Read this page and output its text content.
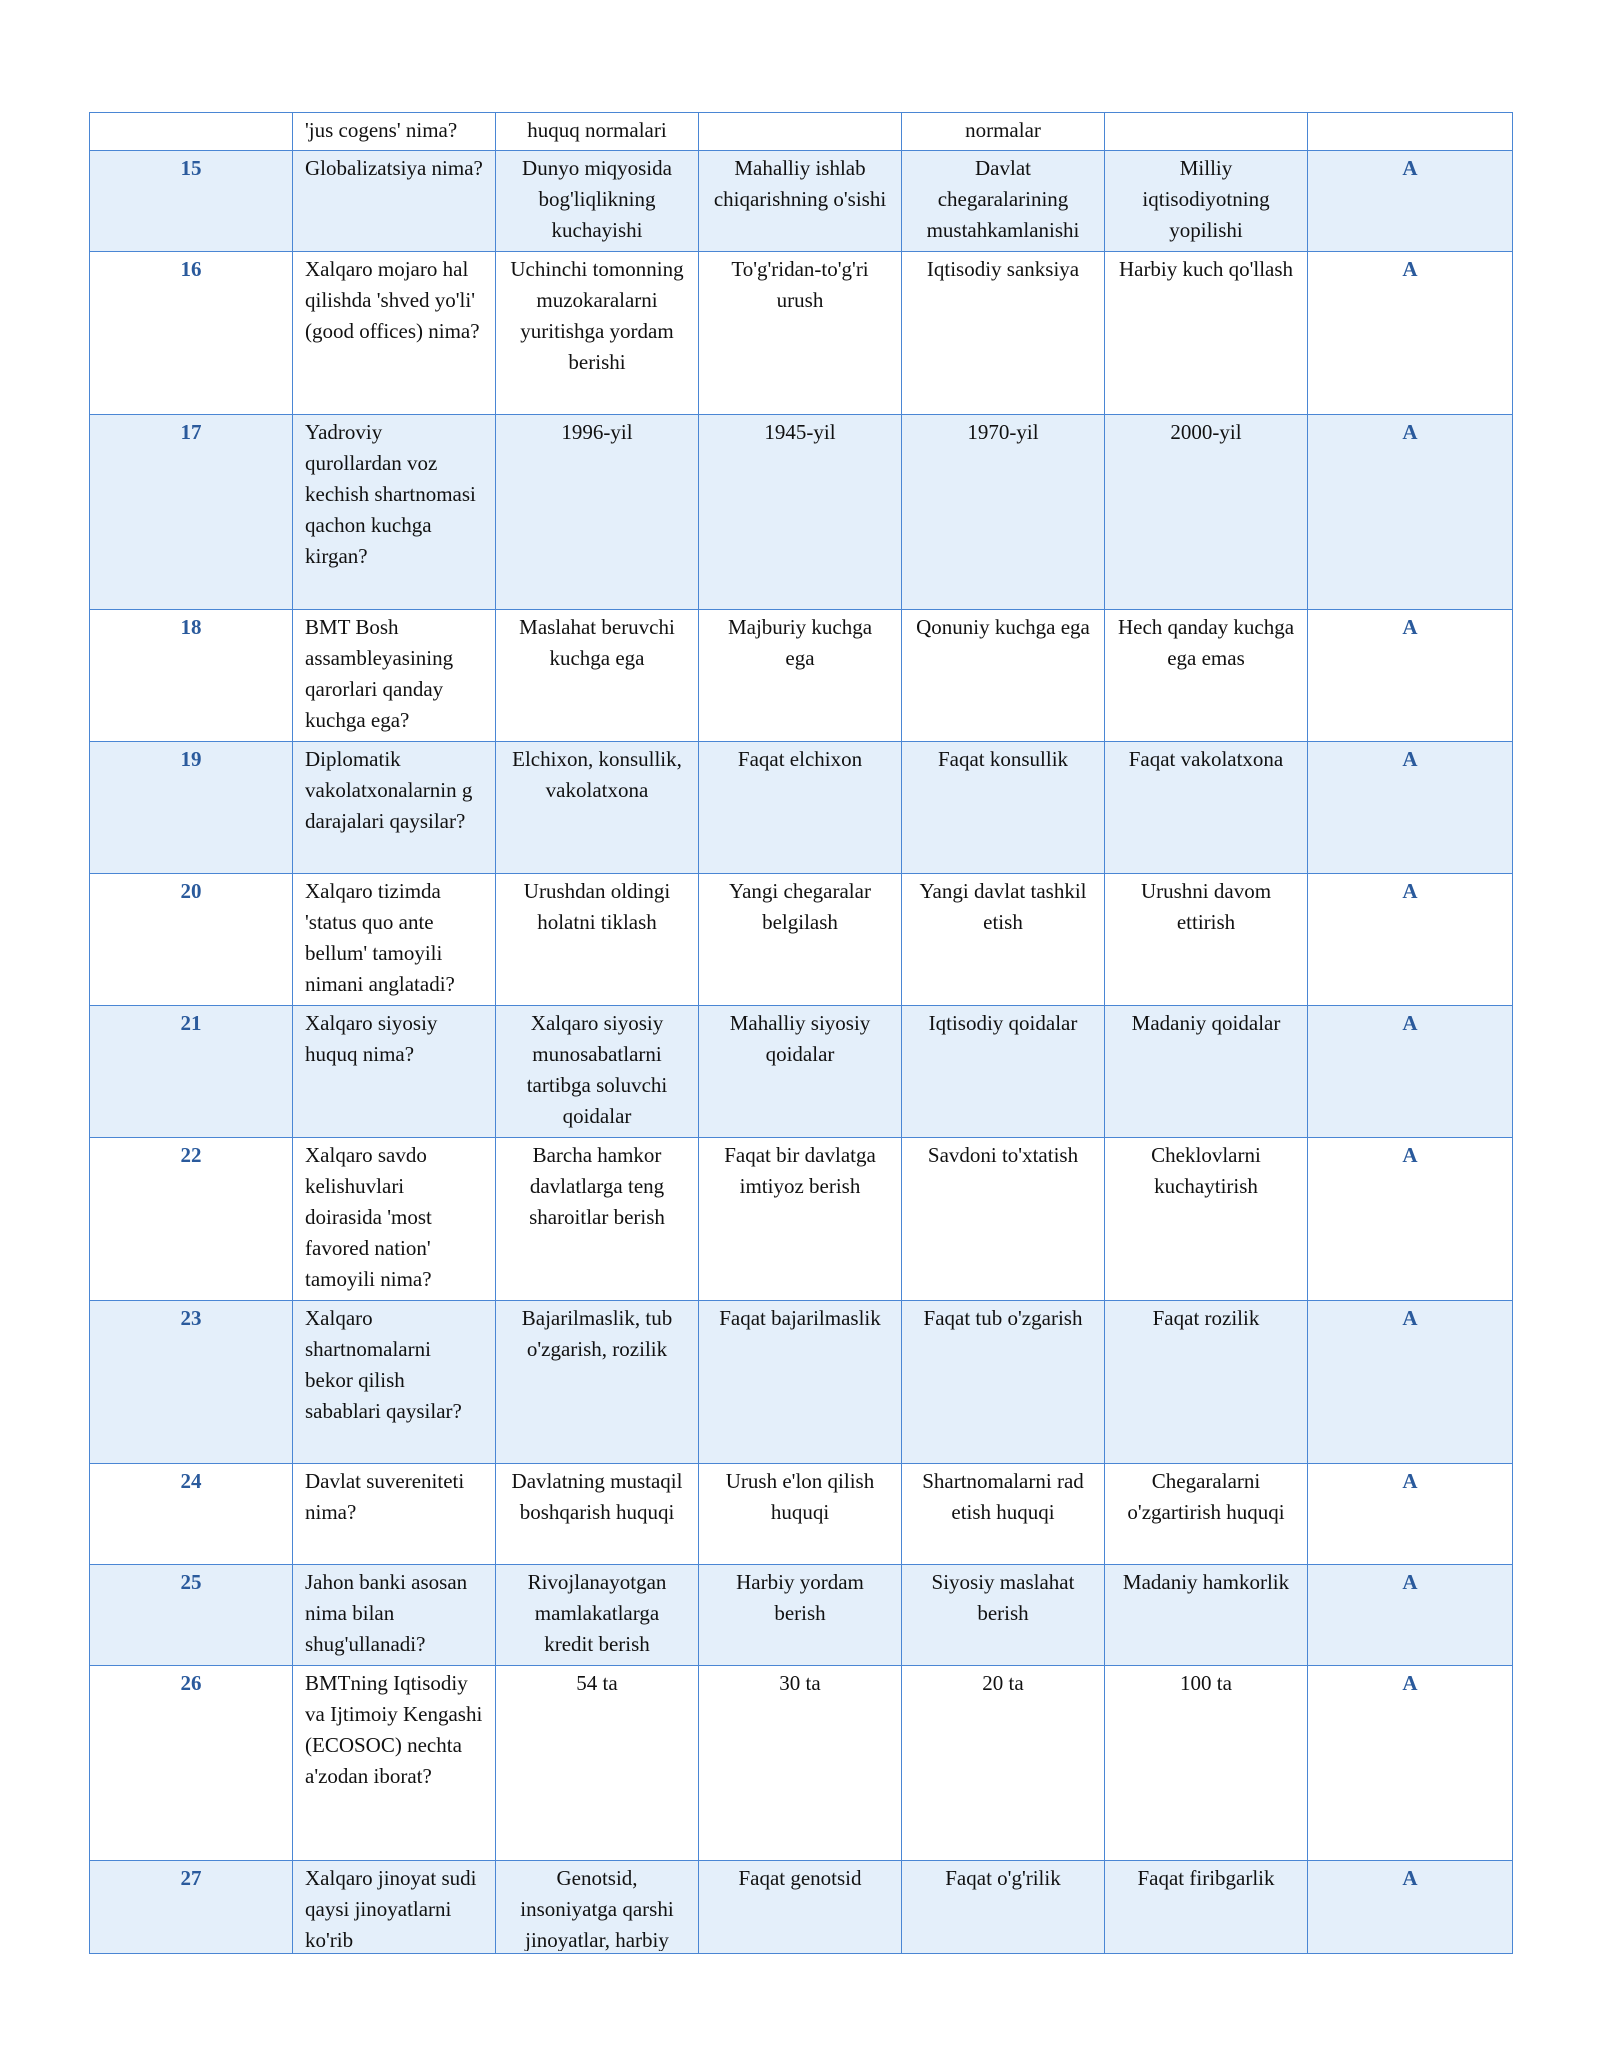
	'jus cogens' nima?	huquq normalari		normalar		
15	Globalizatsiya nima?	Dunyo miqyosida bog'liqlikning kuchayishi	Mahalliy ishlab chiqarishning o'sishi	Davlat chegaralarining mustahkamlanishi	Milliy iqtisodiyotning yopilishi	A
16	Xalqaro mojaro hal qilishda 'shved yo'li' (good offices) nima?	Uchinchi tomonning muzokaralarni yuritishga yordam berishi	To'g'ridan-to'g'ri urush	Iqtisodiy sanksiya	Harbiy kuch qo'llash	A
17	Yadroviy qurollardan voz kechish shartnomasi qachon kuchga kirgan?	1996-yil	1945-yil	1970-yil	2000-yil	A
18	BMT Bosh assambleyasining qarorlari qanday kuchga ega?	Maslahat beruvchi kuchga ega	Majburiy kuchga ega	Qonuniy kuchga ega	Hech qanday kuchga ega emas	A
19	Diplomatik vakolatxonalarnin g darajalari qaysilar?	Elchixon, konsullik, vakolatxona	Faqat elchixon	Faqat konsullik	Faqat vakolatxona	A
20	Xalqaro tizimda 'status quo ante bellum' tamoyili nimani anglatadi?	Urushdan oldingi holatni tiklash	Yangi chegaralar belgilash	Yangi davlat tashkil etish	Urushni davom ettirish	A
21	Xalqaro siyosiy huquq nima?	Xalqaro siyosiy munosabatlarni tartibga soluvchi qoidalar	Mahalliy siyosiy qoidalar	Iqtisodiy qoidalar	Madaniy qoidalar	A
22	Xalqaro savdo kelishuvlari doirasida 'most favored nation' tamoyili nima?	Barcha hamkor davlatlarga teng sharoitlar berish	Faqat bir davlatga imtiyoz berish	Savdoni to'xtatish	Cheklovlarni kuchaytirish	A
23	Xalqaro shartnomalarni bekor qilish sabablari qaysilar?	Bajarilmaslik, tub o'zgarish, rozilik	Faqat bajarilmaslik	Faqat tub o'zgarish	Faqat rozilik	A
24	Davlat suvereniteti nima?	Davlatning mustaqil boshqarish huquqi	Urush e'lon qilish huquqi	Shartnomalarni rad etish huquqi	Chegaralarni o'zgartirish huquqi	A
25	Jahon banki asosan nima bilan shug'ullanadi?	Rivojlanayotgan mamlakatlarga kredit berish	Harbiy yordam berish	Siyosiy maslahat berish	Madaniy hamkorlik	A
26	BMTning Iqtisodiy va Ijtimoiy Kengashi (ECOSOC) nechta a'zodan iborat?	54 ta	30 ta	20 ta	100 ta	A

27	Xalqaro jinoyat sudi qaysi jinoyatlarni ko'rib	Genotsid, insoniyatga qarshi jinoyatlar, harbiy	Faqat genotsid	Faqat o'g'rilik	Faqat firibgarlik	A
